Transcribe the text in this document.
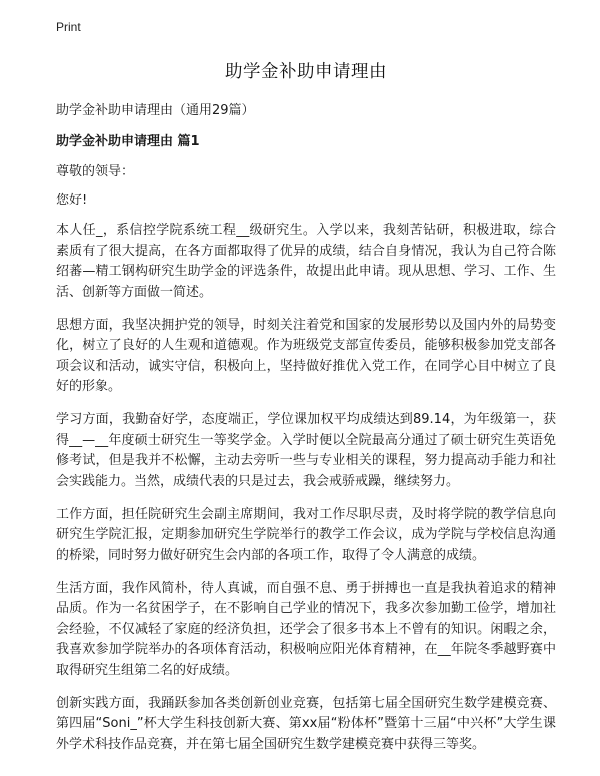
Print
助学金补助申请理由
助学金补助申请理由（通用29篇）
助学金补助申请理由 篇1
尊敬的领导：
您好!

本人任_，系信控学院系统工程__级研究生。入学以来，我刻苦钻研，积极进取，综合素质有了很大提高，在各方面都取得了优异的成绩，结合自身情况，我认为自己符合陈绍蕃—精工钢构研究生助学金的评选条件，故提出此申请。现从思想、学习、工作、生活、创新等方面做一简述。

思想方面，我坚决拥护党的领导，时刻关注着党和国家的发展形势以及国内外的局势变化，树立了良好的人生观和道德观。作为班级党支部宣传委员，能够积极参加党支部各项会议和活动，诚实守信，积极向上，坚持做好推优入党工作，在同学心目中树立了良好的形象。

学习方面，我勤奋好学，态度端正，学位课加权平均成绩达到89.14，为年级第一，获得__—__年度硕士研究生一等奖学金。入学时便以全院最高分通过了硕士研究生英语免修考试，但是我并不松懈，主动去旁听一些与专业相关的课程，努力提高动手能力和社会实践能力。当然，成绩代表的只是过去，我会戒骄戒躁，继续努力。

工作方面，担任院研究生会副主席期间，我对工作尽职尽责，及时将学院的教学信息向研究生学院汇报，定期参加研究生学院举行的教学工作会议，成为学院与学校信息沟通的桥梁，同时努力做好研究生会内部的各项工作，取得了令人满意的成绩。

生活方面，我作风简朴，待人真诚，而自强不息、勇于拼搏也一直是我执着追求的精神品质。作为一名贫困学子，在不影响自己学业的情况下，我多次参加勤工俭学，增加社会经验，不仅减轻了家庭的经济负担，还学会了很多书本上不曾有的知识。闲暇之余，我喜欢参加学院举办的各项体育活动，积极响应阳光体育精神，在__年院冬季越野赛中取得研究生组第二名的好成绩。

创新实践方面，我踊跃参加各类创新创业竞赛，包括第七届全国研究生数学建模竞赛、第四届“Soni_”杯大学生科技创新大赛、第xx届“粉体杯”暨第十三届“中兴杯”大学生课外学术科技作品竞赛，并在第七届全国研究生数学建模竞赛中获得三等奖。
